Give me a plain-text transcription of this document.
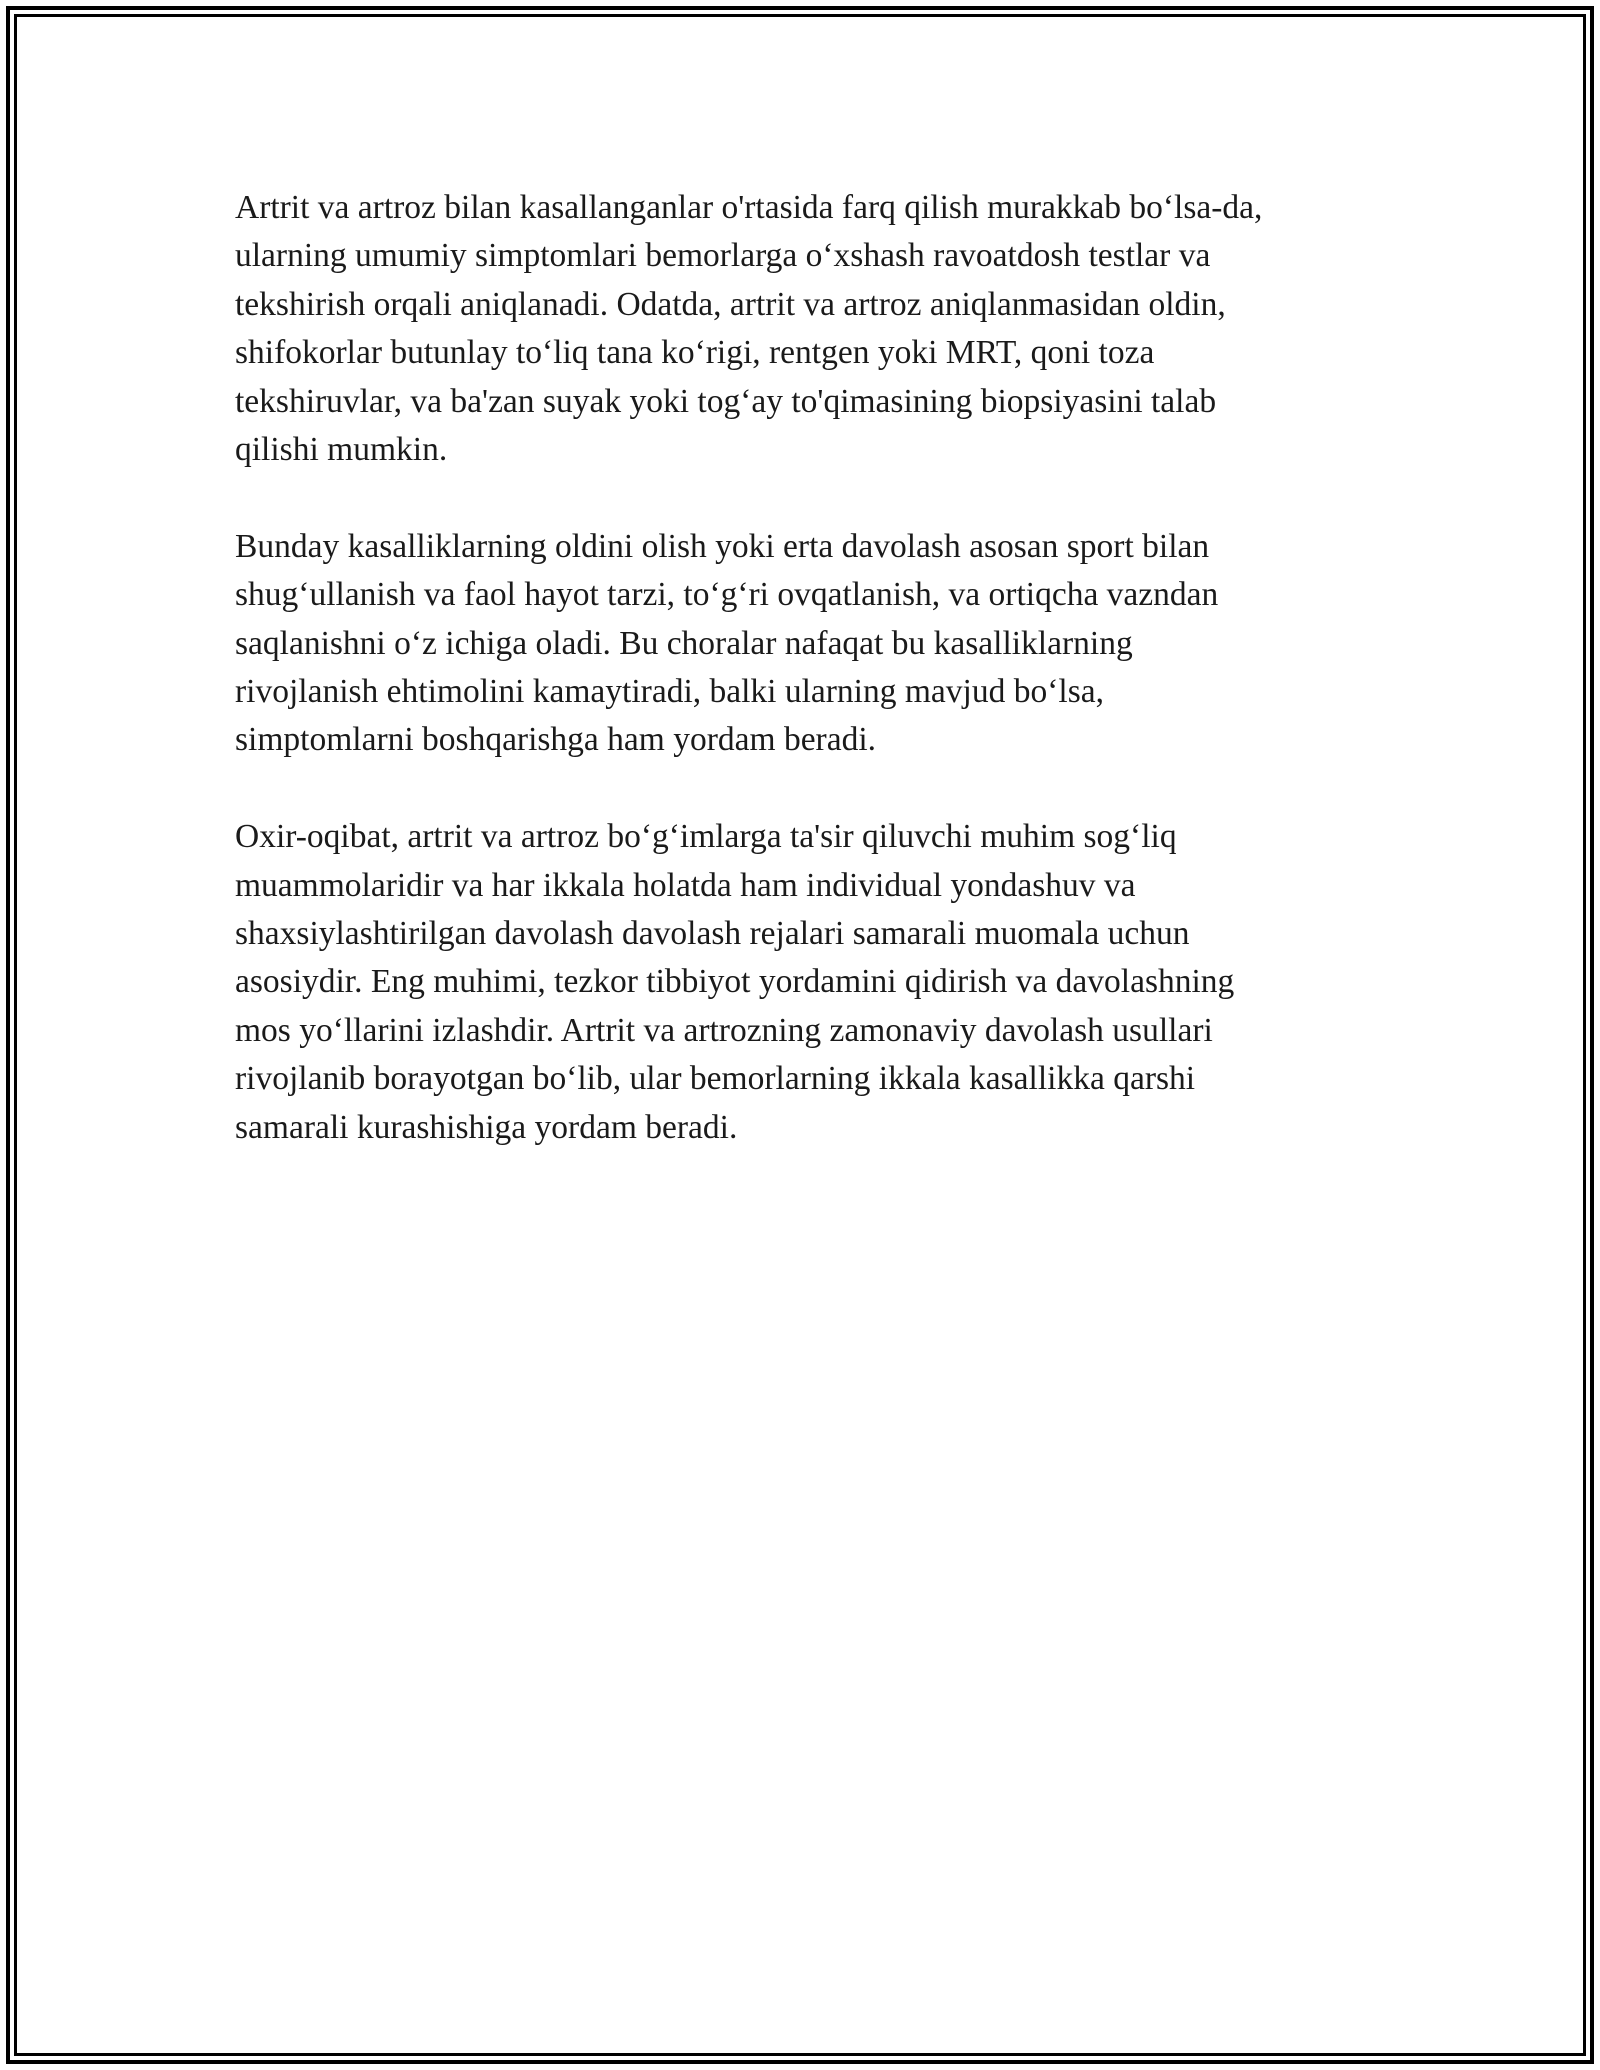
Artrit va artroz bilan kasallanganlar o'rtasida farq qilish murakkab bo‘lsa-da,
ularning umumiy simptomlari bemorlarga o‘xshash ravoatdosh testlar va
tekshirish orqali aniqlanadi. Odatda, artrit va artroz aniqlanmasidan oldin,
shifokorlar butunlay to‘liq tana ko‘rigi, rentgen yoki MRT, qoni toza
tekshiruvlar, va ba'zan suyak yoki tog‘ay to'qimasining biopsiyasini talab
qilishi mumkin.

Bunday kasalliklarning oldini olish yoki erta davolash asosan sport bilan
shug‘ullanish va faol hayot tarzi, to‘g‘ri ovqatlanish, va ortiqcha vazndan
saqlanishni o‘z ichiga oladi. Bu choralar nafaqat bu kasalliklarning
rivojlanish ehtimolini kamaytiradi, balki ularning mavjud bo‘lsa,
simptomlarni boshqarishga ham yordam beradi.

Oxir-oqibat, artrit va artroz bo‘g‘imlarga ta'sir qiluvchi muhim sog‘liq
muammolaridir va har ikkala holatda ham individual yondashuv va
shaxsiylashtirilgan davolash davolash rejalari samarali muomala uchun
asosiydir. Eng muhimi, tezkor tibbiyot yordamini qidirish va davolashning
mos yo‘llarini izlashdir. Artrit va artrozning zamonaviy davolash usullari
rivojlanib borayotgan bo‘lib, ular bemorlarning ikkala kasallikka qarshi
samarali kurashishiga yordam beradi.
